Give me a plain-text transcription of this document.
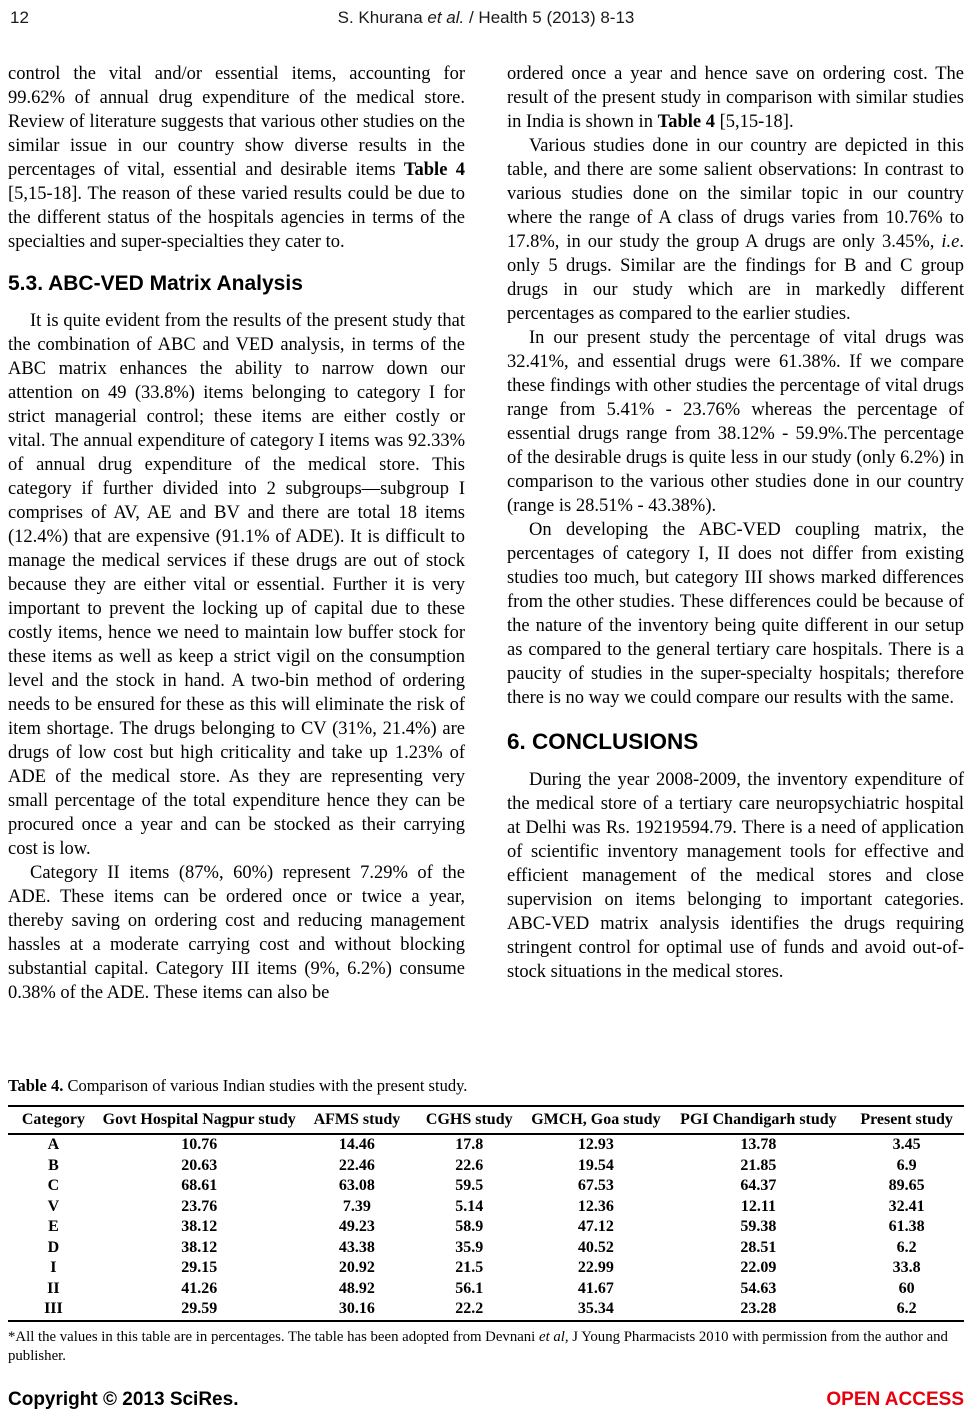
12	S. Khurana et al. / Health 5 (2013) 8-13

control the vital and/or essential items, accounting for 99.62% of annual drug expenditure of the medical store. Review of literature suggests that various other studies on the similar issue in our country show diverse results in the percentages of vital, essential and desirable items Table 4 [5,15-18]. The reason of these varied results could be due to the different status of the hospitals agencies in terms of the specialties and super-specialties they cater to.

5.3. ABC-VED Matrix Analysis

It is quite evident from the results of the present study that the combination of ABC and VED analysis, in terms of the ABC matrix enhances the ability to narrow down our attention on 49 (33.8%) items belonging to category I for strict managerial control; these items are either costly or vital. The annual expenditure of category I items was 92.33% of annual drug expenditure of the medical store. This category if further divided into 2 subgroups—subgroup I comprises of AV, AE and BV and there are total 18 items (12.4%) that are expensive (91.1% of ADE). It is difficult to manage the medical services if these drugs are out of stock because they are either vital or essential. Further it is very important to prevent the locking up of capital due to these costly items, hence we need to maintain low buffer stock for these items as well as keep a strict vigil on the consumption level and the stock in hand. A two-bin method of ordering needs to be ensured for these as this will eliminate the risk of item shortage. The drugs belonging to CV (31%, 21.4%) are drugs of low cost but high criticality and take up 1.23% of ADE of the medical store. As they are representing very small percentage of the total expenditure hence they can be procured once a year and can be stocked as their carrying cost is low.

Category II items (87%, 60%) represent 7.29% of the ADE. These items can be ordered once or twice a year, thereby saving on ordering cost and reducing management hassles at a moderate carrying cost and without blocking substantial capital. Category III items (9%, 6.2%) consume 0.38% of the ADE. These items can also be

ordered once a year and hence save on ordering cost. The result of the present study in comparison with similar studies in India is shown in Table 4 [5,15-18].

Various studies done in our country are depicted in this table, and there are some salient observations: In contrast to various studies done on the similar topic in our country where the range of A class of drugs varies from 10.76% to 17.8%, in our study the group A drugs are only 3.45%, i.e. only 5 drugs. Similar are the findings for B and C group drugs in our study which are in markedly different percentages as compared to the earlier studies.

In our present study the percentage of vital drugs was 32.41%, and essential drugs were 61.38%. If we compare these findings with other studies the percentage of vital drugs range from 5.41% - 23.76% whereas the percentage of essential drugs range from 38.12% - 59.9%.The percentage of the desirable drugs is quite less in our study (only 6.2%) in comparison to the various other studies done in our country (range is 28.51% - 43.38%).

On developing the ABC-VED coupling matrix, the percentages of category I, II does not differ from existing studies too much, but category III shows marked differences from the other studies. These differences could be because of the nature of the inventory being quite different in our setup as compared to the general tertiary care hospitals. There is a paucity of studies in the super-specialty hospitals; therefore there is no way we could compare our results with the same.

6. CONCLUSIONS

During the year 2008-2009, the inventory expenditure of the medical store of a tertiary care neuropsychiatric hospital at Delhi was Rs. 19219594.79. There is a need of application of scientific inventory management tools for effective and efficient management of the medical stores and close supervision on items belonging to important categories. ABC-VED matrix analysis identifies the drugs requiring stringent control for optimal use of funds and avoid out-of-stock situations in the medical stores.

Table 4. Comparison of various Indian studies with the present study.
Category	Govt Hospital Nagpur study	AFMS study	CGHS study	GMCH, Goa study	PGI Chandigarh study	Present study
A	10.76	14.46	17.8	12.93	13.78	3.45
B	20.63	22.46	22.6	19.54	21.85	6.9
C	68.61	63.08	59.5	67.53	64.37	89.65
V	23.76	7.39	5.14	12.36	12.11	32.41
E	38.12	49.23	58.9	47.12	59.38	61.38
D	38.12	43.38	35.9	40.52	28.51	6.2
I	29.15	20.92	21.5	22.99	22.09	33.8
II	41.26	48.92	56.1	41.67	54.63	60
III	29.59	30.16	22.2	35.34	23.28	6.2
*All the values in this table are in percentages. The table has been adopted from Devnani et al, J Young Pharmacists 2010 with permission from the author and publisher.
Copyright © 2013 SciRes.	OPEN ACCESS
